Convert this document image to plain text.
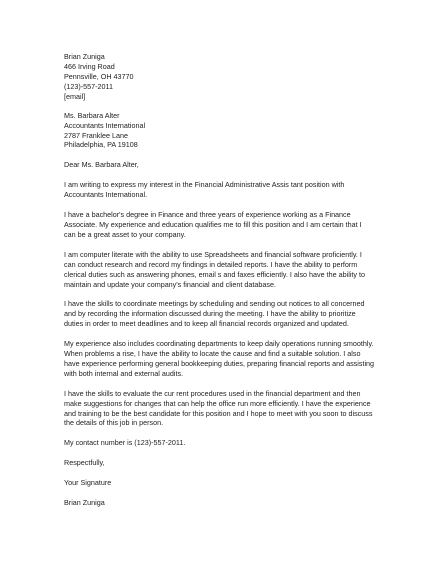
Brian Zuniga
466 Irving Road
Pennsville, OH 43770
(123)-557-2011
[email]
Ms. Barbara Alter
Accountants International
2787 Franklee Lane
Philadelphia, PA 19108
Dear Ms. Barbara Alter,
I am writing to express my interest in the Financial Administrative Assis tant position with
Accountants International.
I have a bachelor's degree in Finance and three years of experience working as a Finance
Associate. My experience and education qualifies me to fill this position and I am certain that I
can be a great asset to your company.
I am computer literate with the ability to use Spreadsheets and financial software proficiently. I
can conduct research and record my findings in detailed reports. I have the ability to perform
clerical duties such as answering phones, email s and faxes efficiently. I also have the ability to
maintain and update your company's financial and client database.
I have the skills to coordinate meetings by scheduling and sending out notices to all concerned
and by recording the information discussed during the meeting. I have the ability to prioritize
duties in order to meet deadlines and to keep all financial records organized and updated.
My experience also includes coordinating departments to keep daily operations running smoothly.
When problems a rise, I have the ability to locate the cause and find a suitable solution. I also
have experience performing general bookkeeping duties, preparing financial reports and assisting
with both internal and external audits.
I have the skills to evaluate the cur rent procedures used in the financial department and then
make suggestions for changes that can help the office run more efficiently. I have the experience
and training to be the best candidate for this position and I hope to meet with you soon to discuss
the details of this job in person.
My contact number is (123)-557-2011.
Respectfully,
Your Signature
Brian Zuniga
